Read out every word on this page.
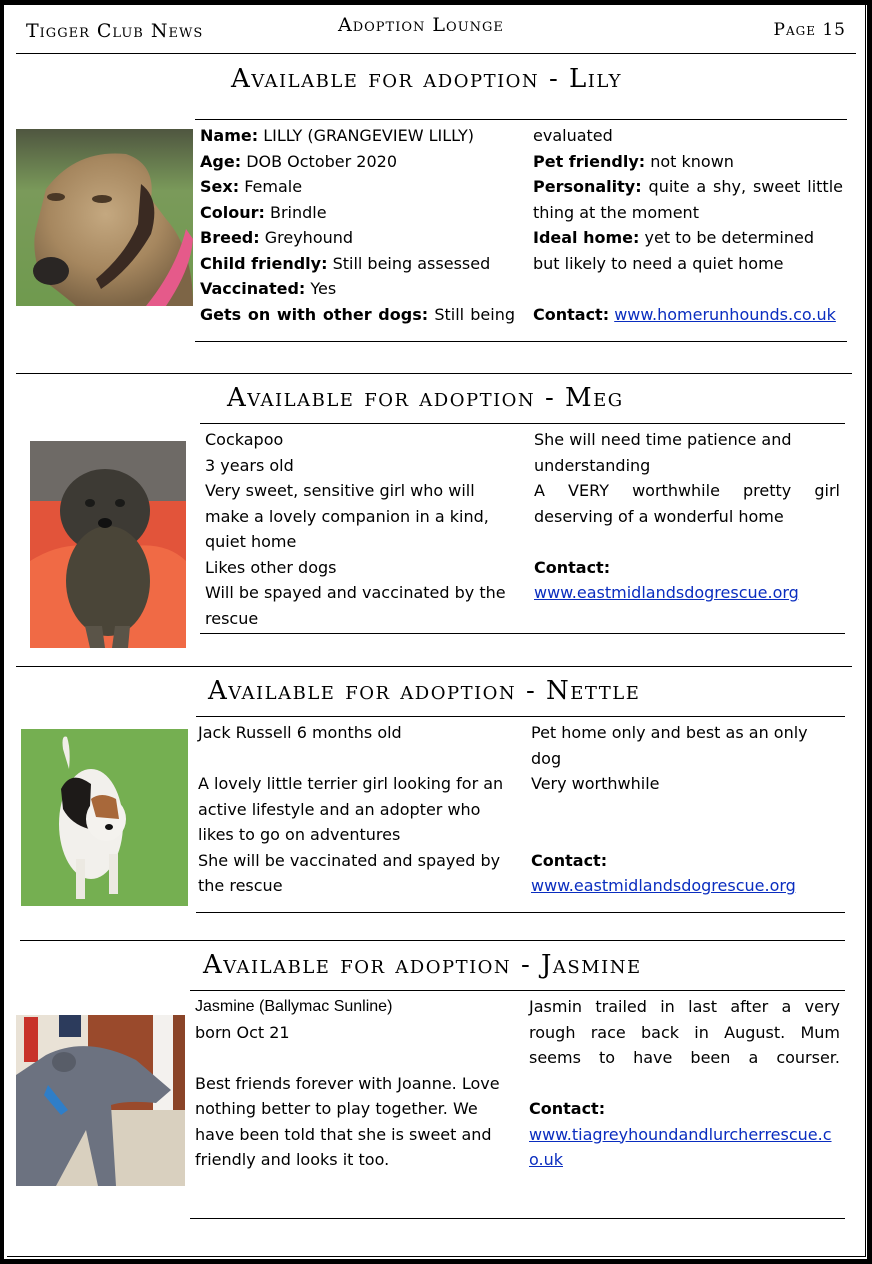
Tigger Club News	Adoption Lounge	Page 15
Available for adoption - Lily

Name: LILLY (GRANGEVIEW LILLY)

Age: DOB October 2020

Sex: Female

Colour: Brindle

Breed: Greyhound

Child friendly: Still being assessed

Vaccinated: Yes

Gets on with other dogs: Still being

evaluated

Pet friendly: not known

Personality: quite a shy, sweet little thing at the moment

Ideal home: yet to be determined but likely to need a quiet home

Contact: www.homerunhounds.co.uk

Available for adoption - Meg

Cockapoo

3 years old

Very sweet, sensitive girl who will make a lovely companion in a kind, quiet home

Likes other dogs

Will be spayed and vaccinated by the rescue

She will need time patience and understanding

A VERY worthwhile pretty girl deserving of a wonderful home

Contact:

www.eastmidlandsdogrescue.org

Available for adoption - Nettle

Jack Russell 6 months old

A lovely little terrier girl looking for an active lifestyle and an adopter who likes to go on adventures

She will be vaccinated and spayed by the rescue

Pet home only and best as an only dog

Very worthwhile

Contact:

www.eastmidlandsdogrescue.org

Available for adoption - Jasmine

Jasmine (Ballymac Sunline)

born Oct 21

Best friends forever with Joanne. Love nothing better to play together. We have been told that she is sweet and friendly and looks it too.

Jasmin trailed in last after a very rough race back in August. Mum seems to have been a courser.

Contact:

www.tiagreyhoundandlurcherrescue.co.uk
